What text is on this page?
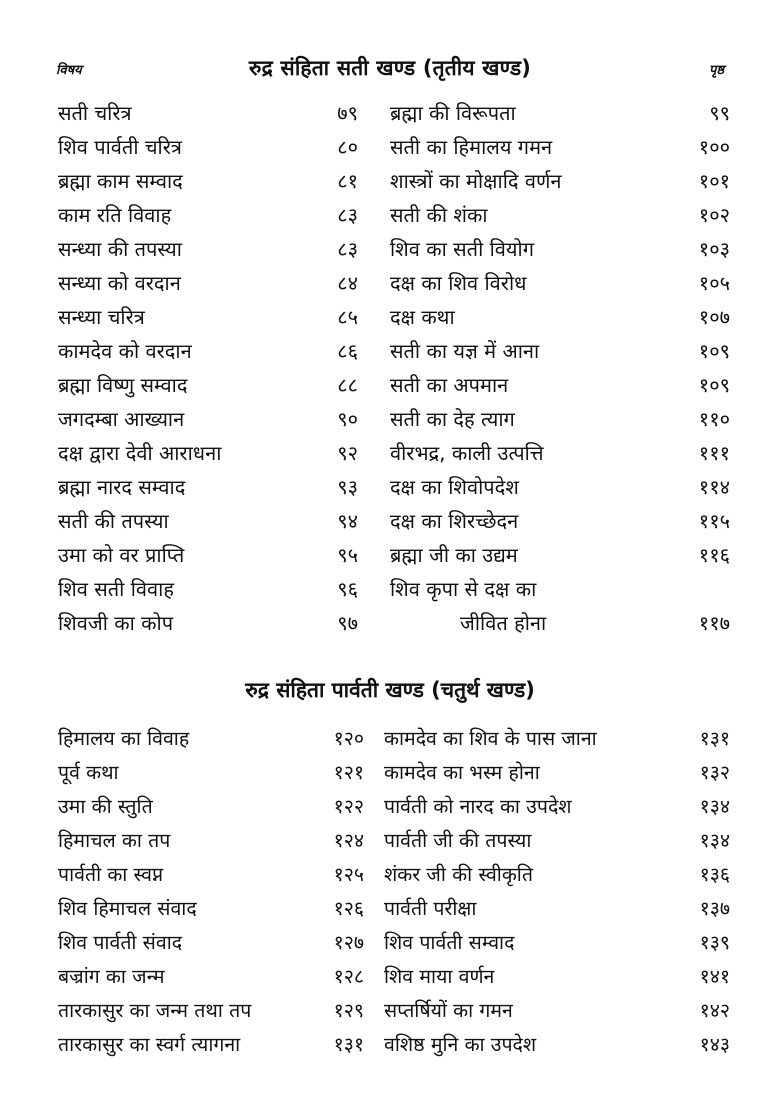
विषय	रुद्र संहिता सती खण्ड (तृतीय खण्ड)	पृष्ठ
सती चरित्र	७९
शिव पार्वती चरित्र	८०
ब्रह्मा काम सम्वाद	८१
काम रति विवाह	८३
सन्ध्या की तपस्या	८३
सन्ध्या को वरदान	८४
सन्ध्या चरित्र	८५
कामदेव को वरदान	८६
ब्रह्मा विष्णु सम्वाद	८८
जगदम्बा आख्यान	९०
दक्ष द्वारा देवी आराधना	९२
ब्रह्मा नारद सम्वाद	९३
सती की तपस्या	९४
उमा को वर प्राप्ति	९५
शिव सती विवाह	९६
शिवजी का कोप	९७
ब्रह्मा की विरूपता	९९
सती का हिमालय गमन	१००
शास्त्रों का मोक्षादि वर्णन	१०१
सती की शंका	१०२
शिव का सती वियोग	१०३
दक्ष का शिव विरोध	१०५
दक्ष कथा	१०७
सती का यज्ञ में आना	१०९
सती का अपमान	१०९
सती का देह त्याग	११०
वीरभद्र, काली उत्पत्ति	१११
दक्ष का शिवोपदेश	११४
दक्ष का शिरच्छेदन	११५
ब्रह्मा जी का उद्यम	११६
शिव कृपा से दक्ष का
जीवित होना	११७
रुद्र संहिता पार्वती खण्ड (चतुर्थ खण्ड)
हिमालय का विवाह	१२०
पूर्व कथा	१२१
उमा की स्तुति	१२२
हिमाचल का तप	१२४
पार्वती का स्वप्न	१२५
शिव हिमाचल संवाद	१२६
शिव पार्वती संवाद	१२७
बज्रांग का जन्म	१२८
तारकासुर का जन्म तथा तप	१२९
तारकासुर का स्वर्ग त्यागना	१३१
कामदेव का शिव के पास जाना	१३१
कामदेव का भस्म होना	१३२
पार्वती को नारद का उपदेश	१३४
पार्वती जी की तपस्या	१३४
शंकर जी की स्वीकृति	१३६
पार्वती परीक्षा	१३७
शिव पार्वती सम्वाद	१३९
शिव माया वर्णन	१४१
सप्तर्षियों का गमन	१४२
वशिष्ठ मुनि का उपदेश	१४३
